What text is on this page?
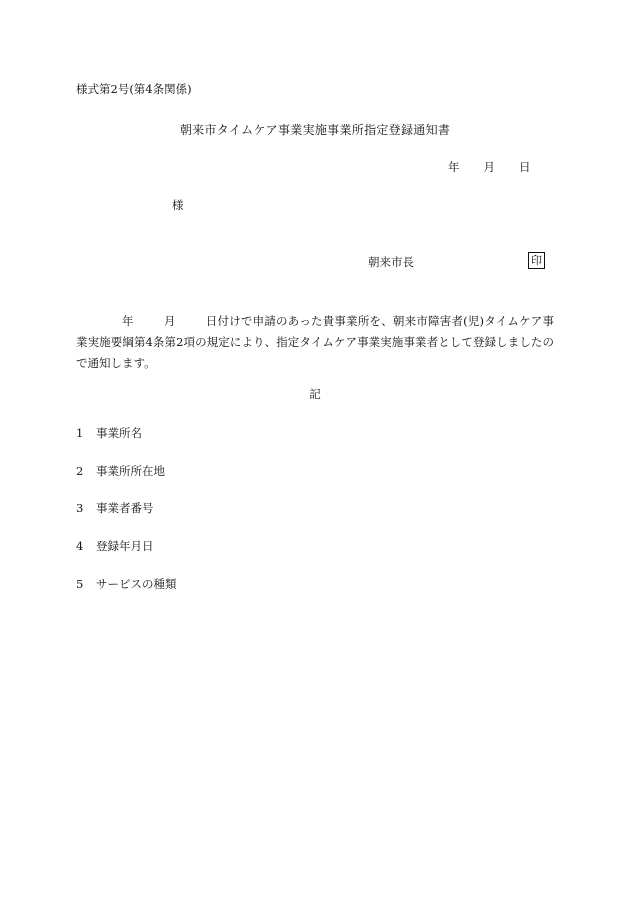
様式第2号(第4条関係)
朝来市タイムケア事業実施事業所指定登録通知書
年 月 日
様
朝来市長	印
年	月	日付けで申請のあった貴事業所を、朝来市障害者(児)タイムケア事業実施要綱第4条第2項の規定により、指定タイムケア事業実施事業者として登録しましたので通知します。
記
1 事業所名
2 事業所所在地
3 事業者番号
4 登録年月日
5 サービスの種類
